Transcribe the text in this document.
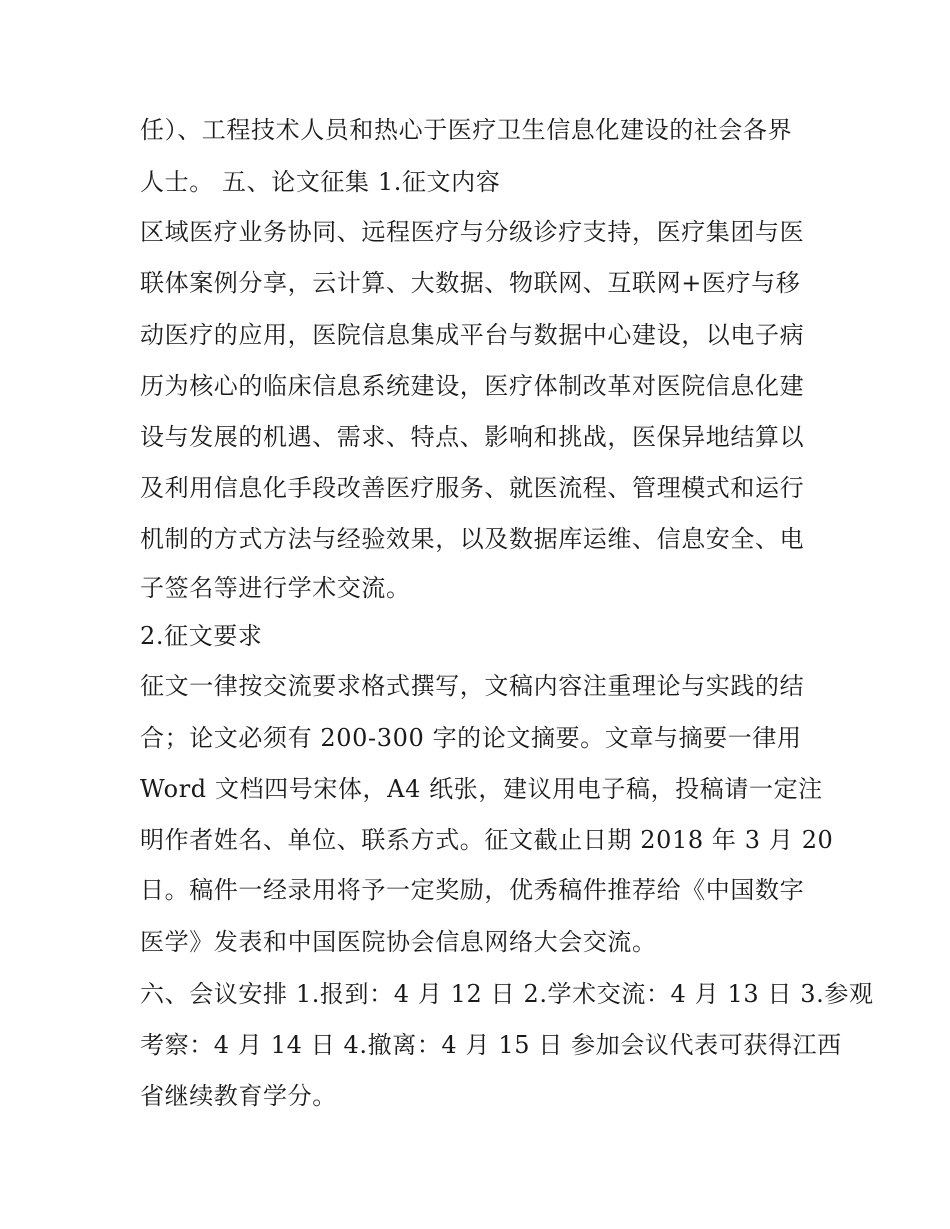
任）、工程技术人员和热心于医疗卫生信息化建设的社会各界
人士。 五、论文征集 1.征文内容
区域医疗业务协同、远程医疗与分级诊疗支持，医疗集团与医
联体案例分享，云计算、大数据、物联网、互联网+医疗与移
动医疗的应用，医院信息集成平台与数据中心建设，以电子病
历为核心的临床信息系统建设，医疗体制改革对医院信息化建
设与发展的机遇、需求、特点、影响和挑战，医保异地结算以
及利用信息化手段改善医疗服务、就医流程、管理模式和运行
机制的方式方法与经验效果，以及数据库运维、信息安全、电
子签名等进行学术交流。
2.征文要求
征文一律按交流要求格式撰写，文稿内容注重理论与实践的结
合；论文必须有 200-300 字的论文摘要。文章与摘要一律用
Word 文档四号宋体，A4 纸张，建议用电子稿，投稿请一定注
明作者姓名、单位、联系方式。征文截止日期 2018 年 3 月 20
日。稿件一经录用将予一定奖励，优秀稿件推荐给《中国数字
医学》发表和中国医院协会信息网络大会交流。
六、会议安排 1.报到：4 月 12 日 2.学术交流：4 月 13 日 3.参观
考察：4 月 14 日 4.撤离：4 月 15 日 参加会议代表可获得江西
省继续教育学分。
